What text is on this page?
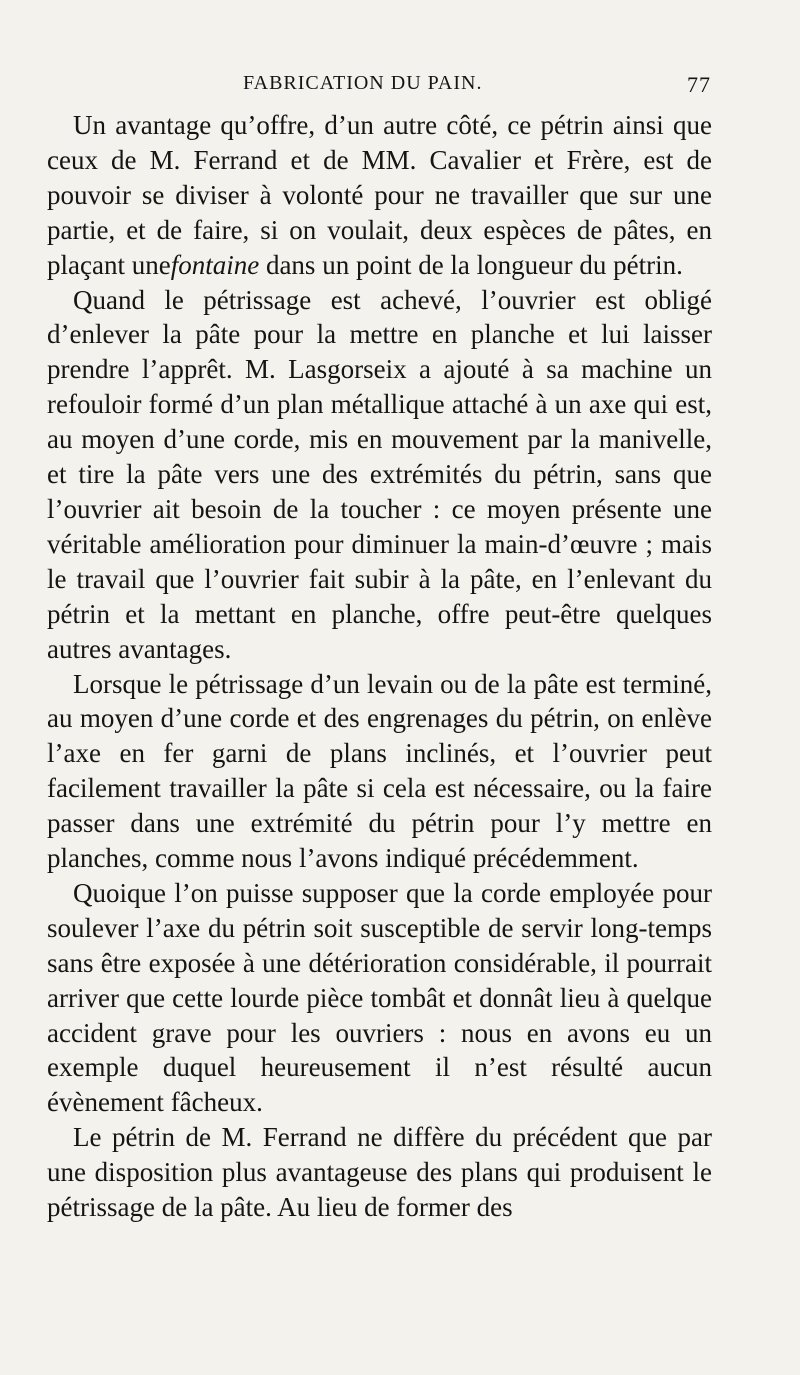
FABRICATION DU PAIN.	77

Un avantage qu’offre, d’un autre côté, ce pétrin ainsi que ceux de M. Ferrand et de MM. Cavalier et Frère, est de pouvoir se diviser à volonté pour ne travailler que sur une partie, et de faire, si on voulait, deux espèces de pâtes, en plaçant unefontaine dans un point de la longueur du pétrin.

Quand le pétrissage est achevé, l’ouvrier est obligé d’enlever la pâte pour la mettre en planche et lui laisser prendre l’apprêt. M. Lasgorseix a ajouté à sa machine un refouloir formé d’un plan métallique attaché à un axe qui est, au moyen d’une corde, mis en mouvement par la manivelle, et tire la pâte vers une des extrémités du pétrin, sans que l’ouvrier ait besoin de la toucher : ce moyen présente une véritable amélioration pour diminuer la main-d’œuvre ; mais le travail que l’ouvrier fait subir à la pâte, en l’enlevant du pétrin et la mettant en planche, offre peut-être quelques autres avantages.

Lorsque le pétrissage d’un levain ou de la pâte est terminé, au moyen d’une corde et des engrenages du pétrin, on enlève l’axe en fer garni de plans inclinés, et l’ouvrier peut facilement travailler la pâte si cela est nécessaire, ou la faire passer dans une extrémité du pétrin pour l’y mettre en planches, comme nous l’avons indiqué précédemment.

Quoique l’on puisse supposer que la corde employée pour soulever l’axe du pétrin soit susceptible de servir long-temps sans être exposée à une détérioration considérable, il pourrait arriver que cette lourde pièce tombât et donnât lieu à quelque accident grave pour les ouvriers : nous en avons eu un exemple duquel heureusement il n’est résulté aucun évènement fâcheux.

Le pétrin de M. Ferrand ne diffère du précédent que par une disposition plus avantageuse des plans qui produisent le pétrissage de la pâte. Au lieu de former des
